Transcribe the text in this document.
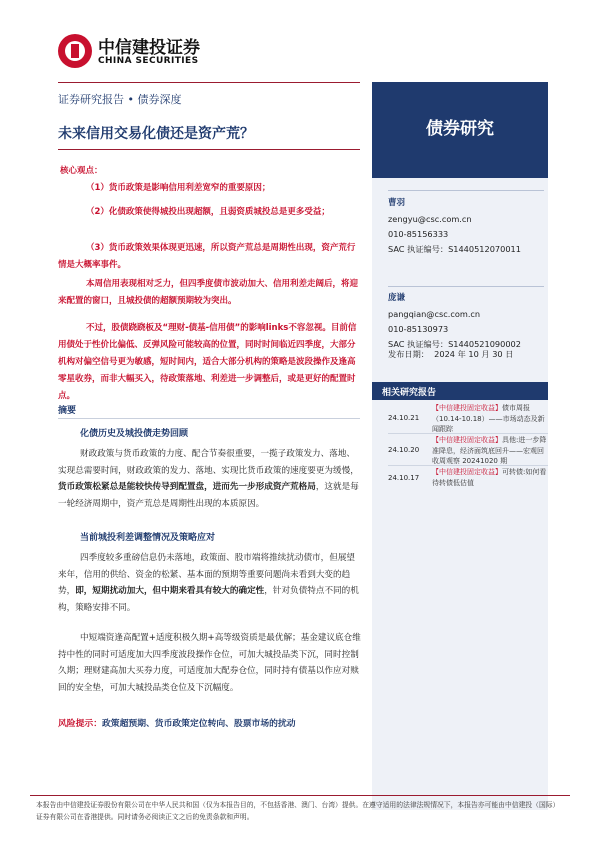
中信建投证券
CHINA SECURITIES
债券研究
证券研究报告 • 债券深度
未来信用交易化债还是资产荒？
核心观点：
（1）货币政策是影响信用利差宽窄的重要原因；
（2）化债政策使得城投出现超额，且弱资质城投总是更多受益；
（3）货币政策效果体现更迅速，所以资产荒总是周期性出现，资产荒行情是大概率事件。
本周信用表现相对乏力，但四季度债市波动加大、信用利差走阔后，将迎来配置的窗口，且城投债的超额预期较为突出。
不过，股债跷跷板及“理财-债基-信用债”的影响links不容忽视。目前信用债处于性价比偏低、反弹风险可能较高的位置，同时时间临近四季度，大部分机构对偏空信号更为敏感，短时间内，适合大部分机构的策略是波段操作及逢高零星收券，而非大幅买入，待政策落地、利差进一步调整后，或是更好的配置时点。
摘要
化债历史及城投债走势回顾
财政政策与货币政策的力度、配合节奏很重要，一揽子政策发力、落地、实现总需要时间，财政政策的发力、落地、实现比货币政策的速度要更为缓慢，货币政策松紧总是能较快传导到配置盘，进而先一步形成资产荒格局，这就是每一轮经济周期中，资产荒总是周期性出现的本质原因。
当前城投利差调整情况及策略应对
四季度较多重磅信息仍未落地，政策面、股市端将推续扰动债市，但展望来年，信用的供给、资金的松紧、基本面的预期等重要问题尚未看到大变的趋势，即，短期扰动加大，但中期来看具有较大的确定性，针对负债特点不同的机构，策略安排不同。
中短端资逢高配置+适度积极久期+高等级资质是最优解；基金建议底仓维持中性的同时可适度加大四季度波段操作仓位，可加大城投品类下沉，同时控制久期；理财建高加大买券力度，可适度加大配券仓位，同时持有债基以作应对赎回的安全垫，可加大城投品类仓位及下沉幅度。
风险提示：政策超预期、货币政策定位转向、股票市场的扰动
曹羽
zengyu@csc.com.cn
010-85156333
SAC 执证编号：S1440512070011
庞谦
pangqian@csc.com.cn
010-85130973
SAC 执证编号：S1440521090002
发布日期： 2024 年 10 月 30 日
相关研究报告
24.10.21
【中信建投固定收益】债市周报（10.14-10.18）——市场动态及新闻跟踪
24.10.20
【中信建投固定收益】具他:进一步降准降息，经济面筑底回升——宏观回收周观察 20241020 期
24.10.17
【中信建投固定收益】可转债:如何看待转债低估值
本报告由中信建投证券股份有限公司在中华人民共和国（仅为本报告目的，不包括香港、澳门、台湾）提供。在遵守适用的法律法规情况下，本报告亦可能由中信建投（国际）证券有限公司在香港提供。同时请务必阅读正文之后的免责条款和声明。
